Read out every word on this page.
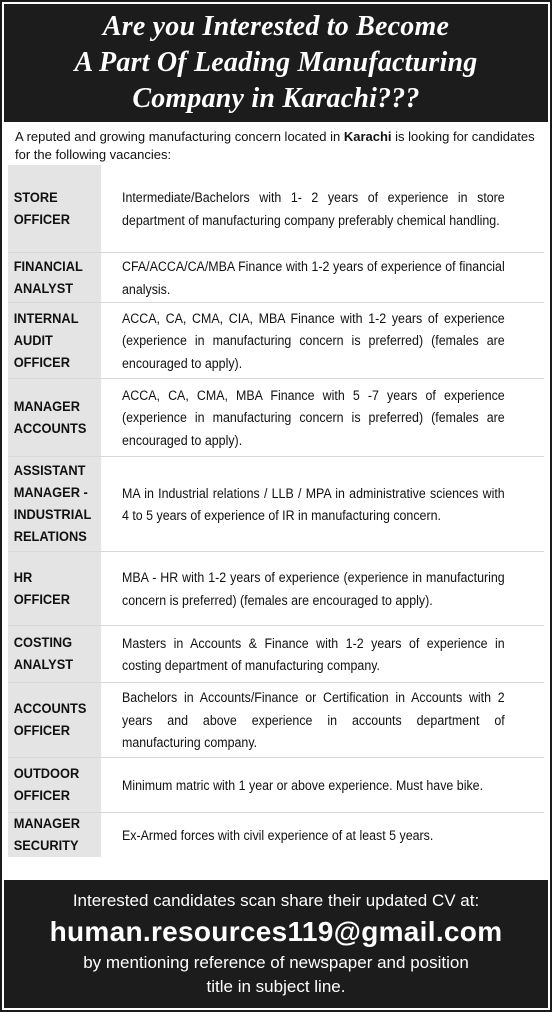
Are you Interested to Become
A Part Of Leading Manufacturing
Company in Karachi???
A reputed and growing manufacturing concern located in Karachi is looking for candidates for the following vacancies:
STORE
OFFICER
Intermediate/Bachelors with 1- 2 years of experience in store department of manufacturing company preferably chemical handling.
FINANCIAL
ANALYST
CFA/ACCA/CA/MBA Finance with 1-2 years of experience of financial analysis.
INTERNAL
AUDIT
OFFICER
ACCA, CA, CMA, CIA, MBA Finance with 1-2 years of experience (experience in manufacturing concern is preferred) (females are encouraged to apply).
MANAGER
ACCOUNTS
ACCA, CA, CMA, MBA Finance with 5 -7 years of experience (experience in manufacturing concern is preferred) (females are encouraged to apply).
ASSISTANT
MANAGER -
INDUSTRIAL
RELATIONS
MA in Industrial relations / LLB / MPA in administrative sciences with 4 to 5 years of experience of IR in manufacturing concern.
HR
OFFICER
MBA - HR with 1-2 years of experience (experience in manufacturing concern is preferred) (females are encouraged to apply).
COSTING
ANALYST
Masters in Accounts & Finance with 1-2 years of experience in costing department of manufacturing company.
ACCOUNTS
OFFICER
Bachelors in Accounts/Finance or Certification in Accounts with 2 years and above experience in accounts department of manufacturing company.
OUTDOOR
OFFICER
Minimum matric with 1 year or above experience. Must have bike.
MANAGER
SECURITY
Ex-Armed forces with civil experience of at least 5 years.
Interested candidates scan share their updated CV at:
human.resources119@gmail.com
by mentioning reference of newspaper and position
title in subject line.
